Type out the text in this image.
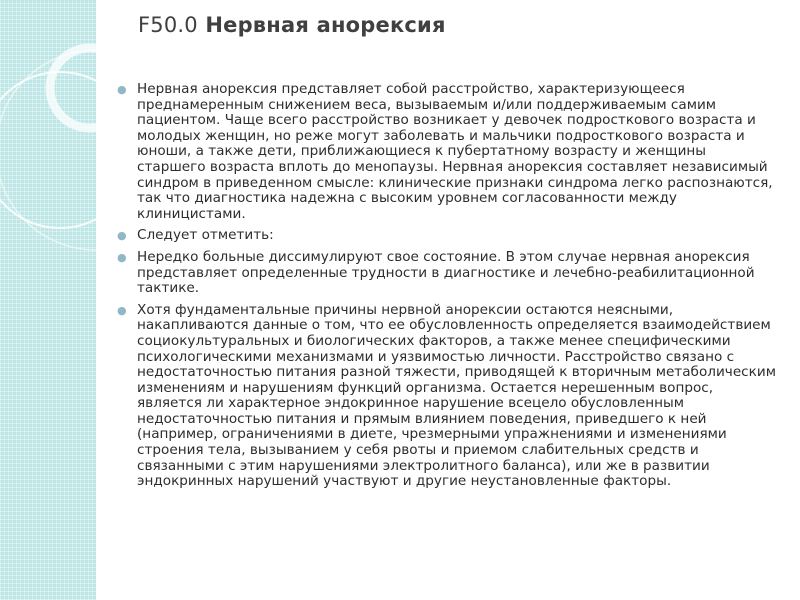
F50.0 Нервная анорексия
● Нервная анорексия представляет собой расстройство, характеризующееся преднамеренным снижением веса, вызываемым и/или поддерживаемым самим пациентом. Чаще всего расстройство возникает у девочек подросткового возраста и молодых женщин, но реже могут заболевать и мальчики подросткового возраста и юноши, а также дети, приближающиеся к пубертатному возрасту и женщины старшего возраста вплоть до менопаузы. Нервная анорексия составляет независимый синдром в приведенном смысле: клинические признаки синдрома легко распознаются, так что диагностика надежна с высоким уровнем согласованности между клиницистами.
● Следует отметить:
● Нередко больные диссимулируют свое состояние. В этом случае нервная анорексия представляет определенные трудности в диагностике и лечебно-реабилитационной тактике.
● Хотя фундаментальные причины нервной анорексии остаются неясными, накапливаются данные о том, что ее обусловленность определяется взаимодействием социокультуральных и биологических факторов, а также менее специфическими психологическими механизмами и уязвимостью личности. Расстройство связано с недостаточностью питания разной тяжести, приводящей к вторичным метаболическим изменениям и нарушениям функций организма. Остается нерешенным вопрос, является ли характерное эндокринное нарушение всецело обусловленным недостаточностью питания и прямым влиянием поведения, приведшего к ней (например, ограничениями в диете, чрезмерными упражнениями и изменениями строения тела, вызыванием у себя рвоты и приемом слабительных средств и связанными с этим нарушениями электролитного баланса), или же в развитии эндокринных нарушений участвуют и другие неустановленные факторы.
